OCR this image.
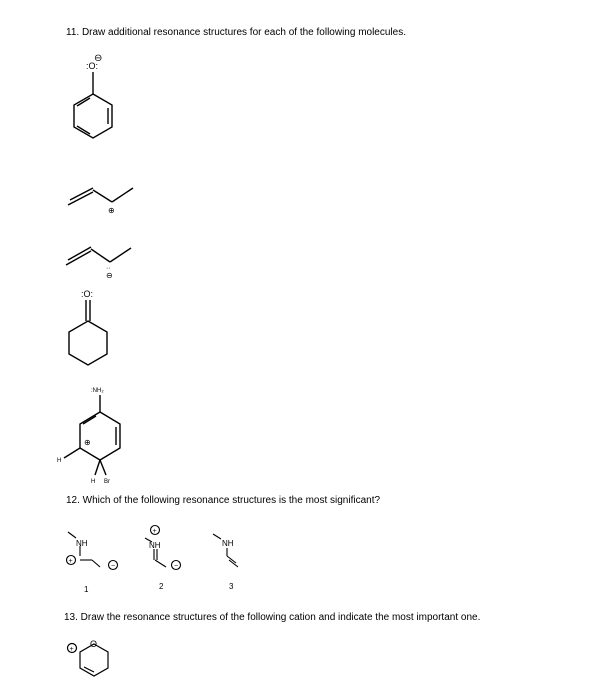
11. Draw additional resonance structures for each of the following molecules.
12. Which of the following resonance structures is the most significant?
13. Draw the resonance structures of the following cation and indicate the most important one.
:O:
⊖
⊕
··
⊖
:O:
:NH₂
⊕
H
H Br
NH
+
−
1
+
NH
−
2
NH
3
+
O
